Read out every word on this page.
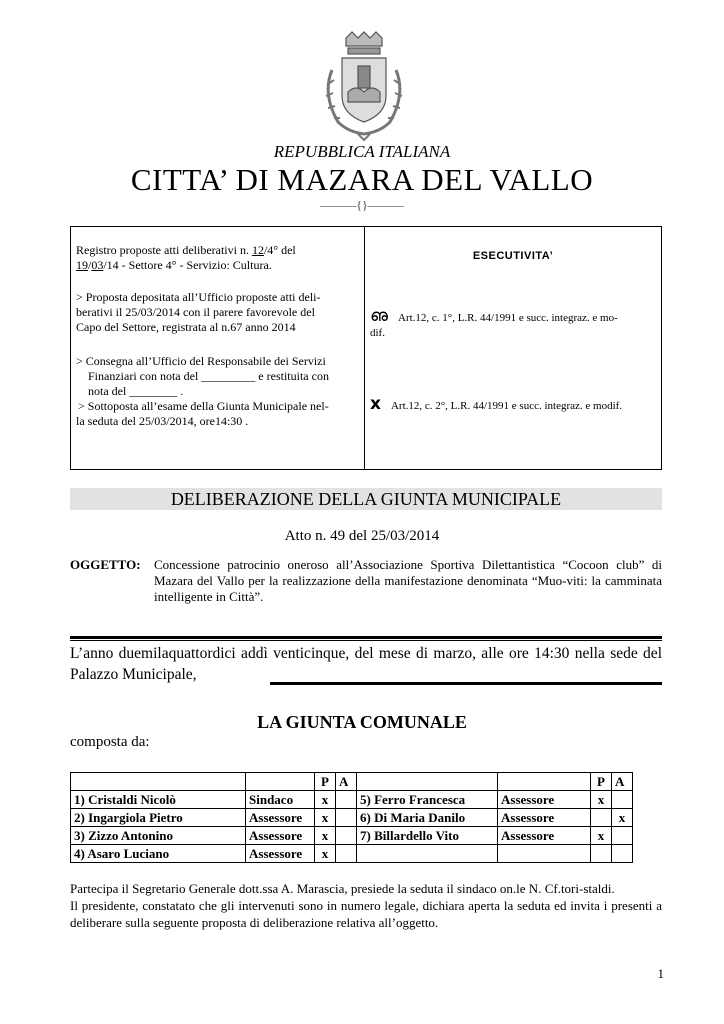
REPUBBLICA ITALIANA
CITTA’ DI MAZARA DEL VALLO
———{}———
Registro proposte atti deliberativi n. 12/4° del
19/03/14 - Settore 4° - Servizio: Cultura.
> Proposta depositata all’Ufficio proposte atti deli-
berativi il 25/03/2014 con il parere favorevole del
Capo del Settore, registrata al n.67 anno 2014
> Consegna all’Ufficio del Responsabile dei Servizi
Finanziari con nota del _________ e restituita con
nota del ________ .
> Sottoposta all’esame della Giunta Municipale nel-
la seduta del 25/03/2014, ore14:30 .
ESECUTIVITA’
ഌ Art.12, c. 1°, L.R. 44/1991 e succ. integraz. e mo-
dif.
x Art.12, c. 2°, L.R. 44/1991 e succ. integraz. e modif.
DELIBERAZIONE DELLA GIUNTA MUNICIPALE
Atto n. 49 del 25/03/2014
OGGETTO: Concessione patrocinio oneroso all’Associazione Sportiva Dilettantistica “Cocoon club” di Mazara del Vallo per la realizzazione della manifestazione denominata “Muo-viti: la camminata intelligente in Città”.
L’anno duemilaquattordici addì venticinque, del mese di marzo, alle ore 14:30 nella sede del Palazzo Municipale,
LA GIUNTA COMUNALE
composta da:
		P	A			P	A
1) Cristaldi Nicolò	Sindaco	x		5) Ferro Francesca	Assessore	x	
2) Ingargiola Pietro	Assessore	x		6) Di Maria Danilo	Assessore		x
3) Zizzo Antonino	Assessore	x		7) Billardello Vito	Assessore	x	
4) Asaro Luciano	Assessore	x					
Partecipa il Segretario Generale dott.ssa A. Marascia, presiede la seduta il sindaco on.le N. Cf.tori-staldi.
Il presidente, constatato che gli intervenuti sono in numero legale, dichiara aperta la seduta ed invita i presenti a deliberare sulla seguente proposta di deliberazione relativa all’oggetto.
1
